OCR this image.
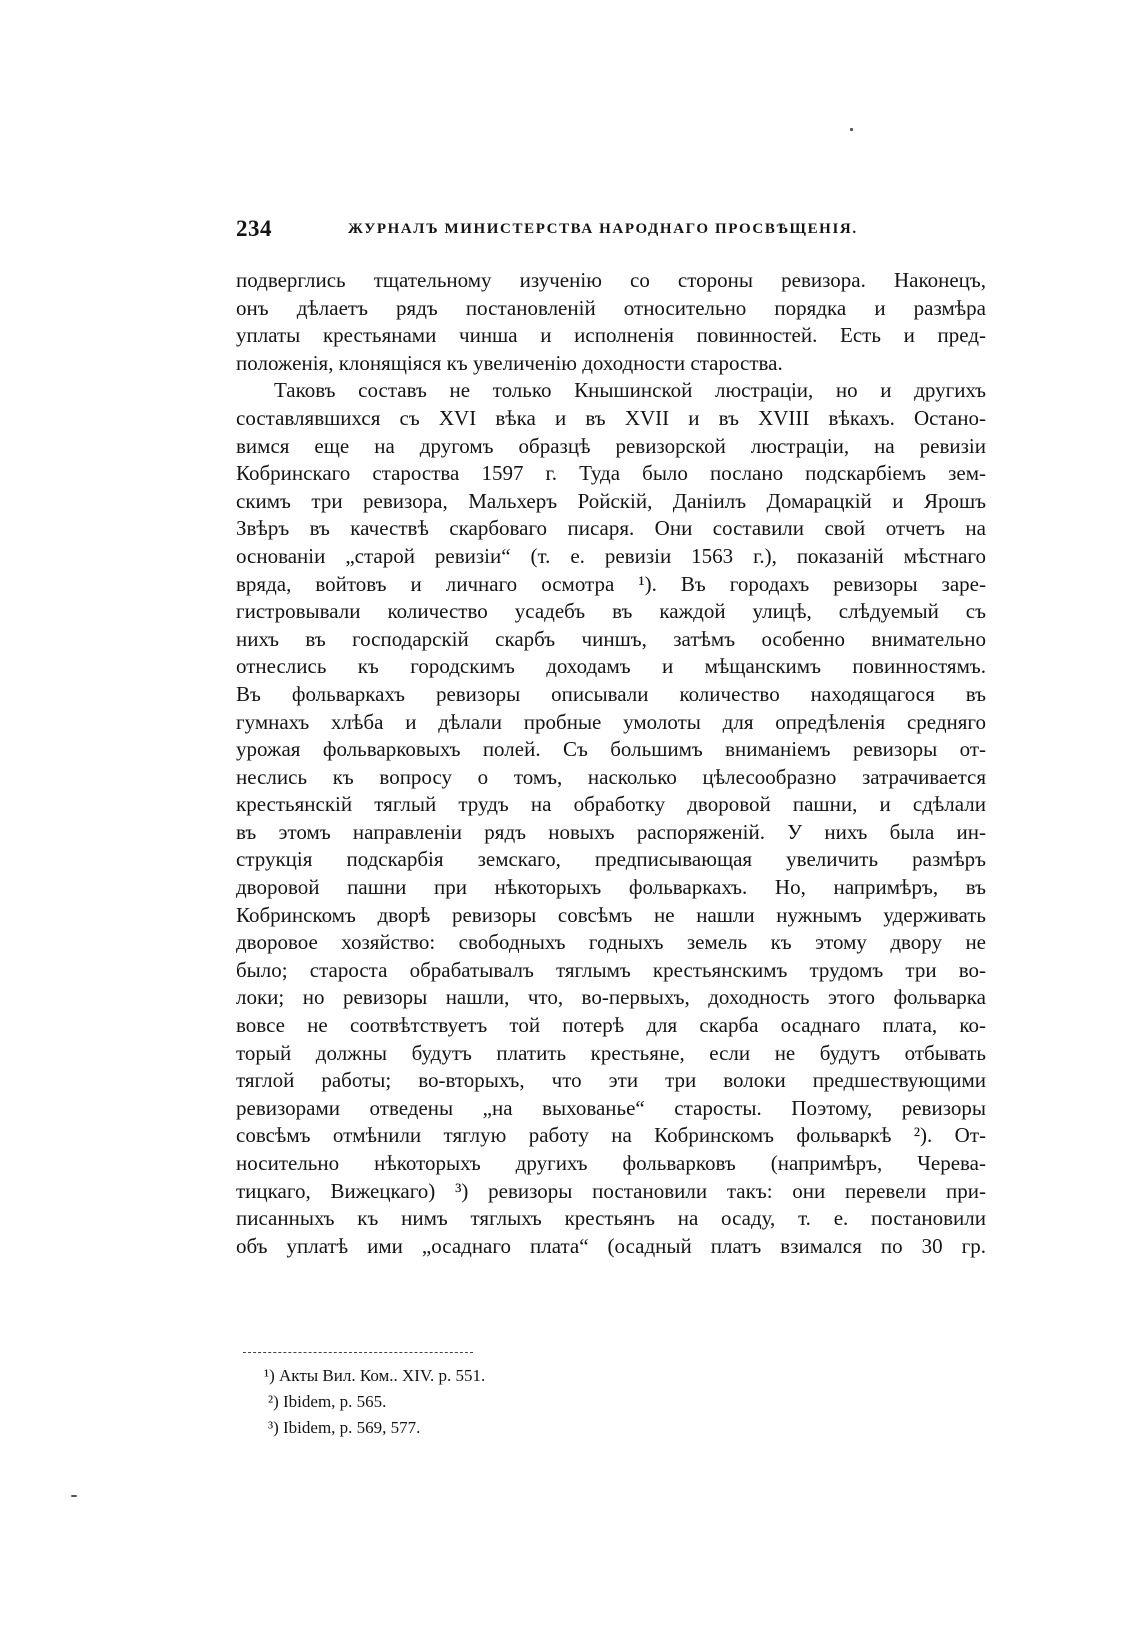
234	ЖУРНАЛЪ МИНИСТЕРСТВА НАРОДНАГО ПРОСВѢЩЕНІЯ.
подверглись тщательному изученію со стороны ревизора. Наконецъ,
онъ дѣлаетъ рядъ постановленій относительно порядка и размѣра
уплаты крестьянами чинша и исполненія повинностей. Есть и пред-
положенія, клонящіяся къ увеличенію доходности староства.
Таковъ составъ не только Кнышинской люстраціи, но и другихъ
составлявшихся съ XVI вѣка и въ XVII и въ XVIII вѣкахъ. Остано-
вимся еще на другомъ образцѣ ревизорской люстраціи, на ревизіи
Кобринскаго староства 1597 г. Туда было послано подскарбіемъ зем-
скимъ три ревизора, Мальхеръ Ройскій, Даніилъ Домарацкій и Ярошъ
Звѣръ въ качествѣ скарбоваго писаря. Они составили свой отчетъ на
основаніи „старой ревизіи“ (т. е. ревизіи 1563 г.), показаній мѣстнаго
вряда, войтовъ и личнаго осмотра ¹). Въ городахъ ревизоры заре-
гистровывали количество усадебъ въ каждой улицѣ, слѣдуемый съ
нихъ въ господарскій скарбъ чиншъ, затѣмъ особенно внимательно
отнеслись къ городскимъ доходамъ и мѣщанскимъ повинностямъ.
Въ фольваркахъ ревизоры описывали количество находящагося въ
гумнахъ хлѣба и дѣлали пробные умолоты для опредѣленія средняго
урожая фольварковыхъ полей. Съ большимъ вниманіемъ ревизоры от-
неслись къ вопросу о томъ, насколько цѣлесообразно затрачивается
крестьянскій тяглый трудъ на обработку дворовой пашни, и сдѣлали
въ этомъ направленіи рядъ новыхъ распоряженій. У нихъ была ин-
струкція подскарбія земскаго, предписывающая увеличить размѣръ
дворовой пашни при нѣкоторыхъ фольваркахъ. Но, напримѣръ, въ
Кобринскомъ дворѣ ревизоры совсѣмъ не нашли нужнымъ удерживать
дворовое хозяйство: свободныхъ годныхъ земель къ этому двору не
было; староста обрабатывалъ тяглымъ крестьянскимъ трудомъ три во-
локи; но ревизоры нашли, что, во-первыхъ, доходность этого фольварка
вовсе не соотвѣтствуетъ той потерѣ для скарба осаднаго плата, ко-
торый должны будутъ платить крестьяне, если не будутъ отбывать
тяглой работы; во-вторыхъ, что эти три волоки предшествующими
ревизорами отведены „на выхованье“ старосты. Поэтому, ревизоры
совсѣмъ отмѣнили тяглую работу на Кобринскомъ фольваркѣ ²). От-
носительно нѣкоторыхъ другихъ фольварковъ (напримѣръ, Черева-
тицкаго, Вижецкаго) ³) ревизоры постановили такъ: они перевели при-
писанныхъ къ нимъ тяглыхъ крестьянъ на осаду, т. е. постановили
объ уплатѣ ими „осаднаго плата“ (осадный платъ взимался по 30 гр.
¹) Акты Вил. Ком.. XIV. р. 551.
²) Ibidem, p. 565.
³) Ibidem, p. 569, 577.
